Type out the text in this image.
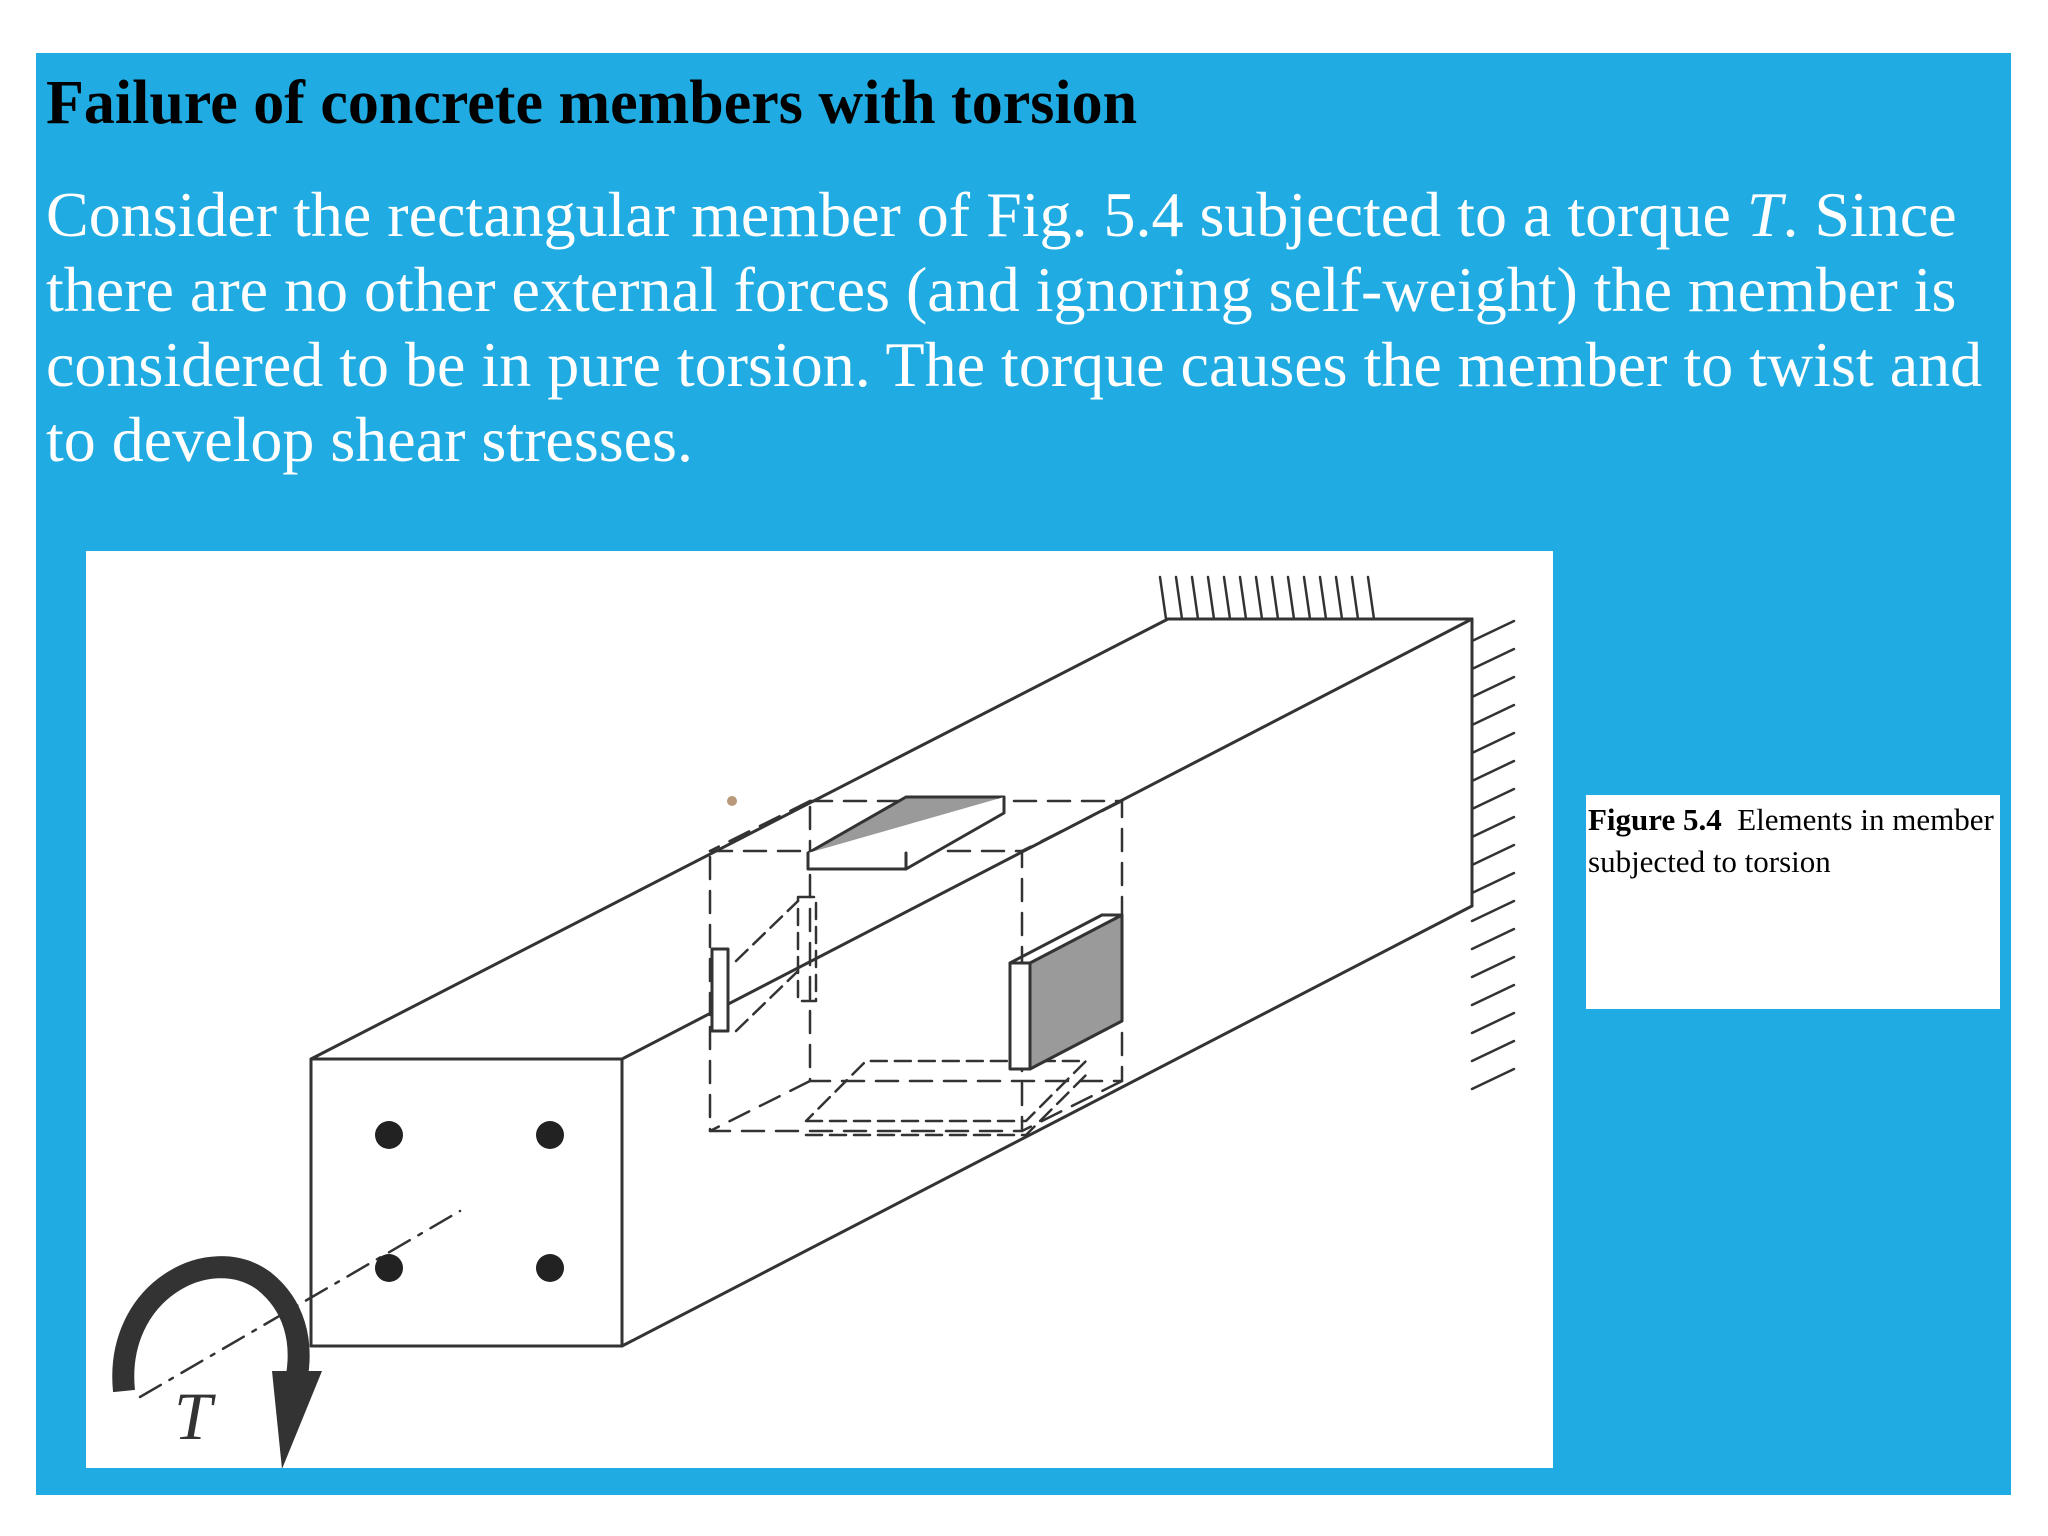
Failure of concrete members with torsion

Consider the rectangular member of Fig. 5.4 subjected to a torque T. Since there are no other external forces (and ignoring self-weight) the member is considered to be in pure torsion. The torque causes the member to twist and to develop shear stresses.

T
Figure 5.4 Elements in member subjected to torsion
